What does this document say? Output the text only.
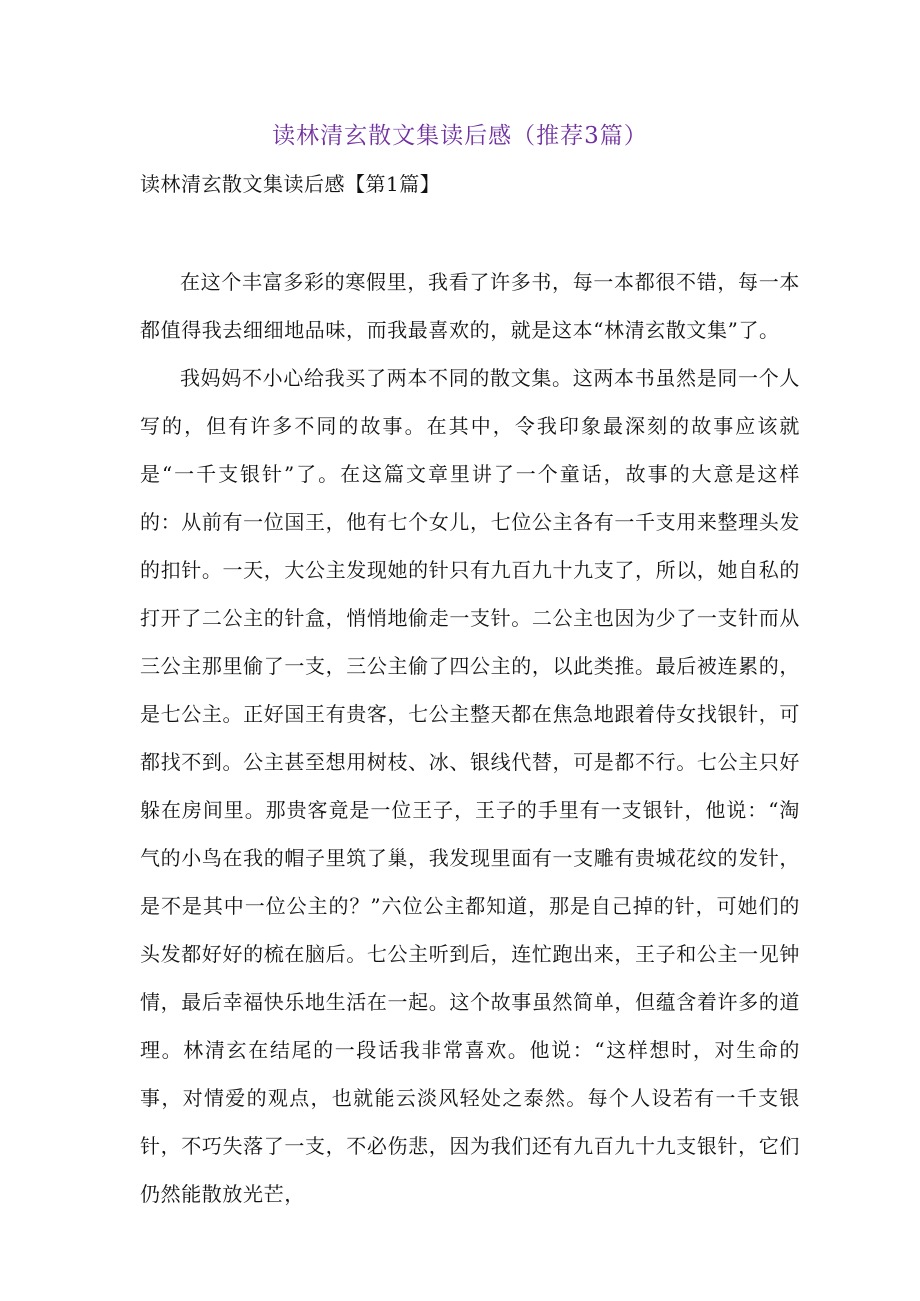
读林清玄散文集读后感（推荐3篇）
读林清玄散文集读后感【第1篇】

在这个丰富多彩的寒假里，我看了许多书，每一本都很不错，每一本都值得我去细细地品味，而我最喜欢的，就是这本“林清玄散文集”了。

我妈妈不小心给我买了两本不同的散文集。这两本书虽然是同一个人写的，但有许多不同的故事。在其中，令我印象最深刻的故事应该就是“一千支银针”了。在这篇文章里讲了一个童话，故事的大意是这样的：从前有一位国王，他有七个女儿，七位公主各有一千支用来整理头发的扣针。一天，大公主发现她的针只有九百九十九支了，所以，她自私的打开了二公主的针盒，悄悄地偷走一支针。二公主也因为少了一支针而从三公主那里偷了一支，三公主偷了四公主的，以此类推。最后被连累的，是七公主。正好国王有贵客，七公主整天都在焦急地跟着侍女找银针，可都找不到。公主甚至想用树枝、冰、银线代替，可是都不行。七公主只好躲在房间里。那贵客竟是一位王子，王子的手里有一支银针，他说：“淘气的小鸟在我的帽子里筑了巢，我发现里面有一支雕有贵城花纹的发针，是不是其中一位公主的？”六位公主都知道，那是自己掉的针，可她们的头发都好好的梳在脑后。七公主听到后，连忙跑出来，王子和公主一见钟情，最后幸福快乐地生活在一起。这个故事虽然简单，但蕴含着许多的道理。林清玄在结尾的一段话我非常喜欢。他说：“这样想时，对生命的事，对情爱的观点，也就能云淡风轻处之泰然。每个人设若有一千支银针，不巧失落了一支，不必伤悲，因为我们还有九百九十九支银针，它们仍然能散放光芒，
